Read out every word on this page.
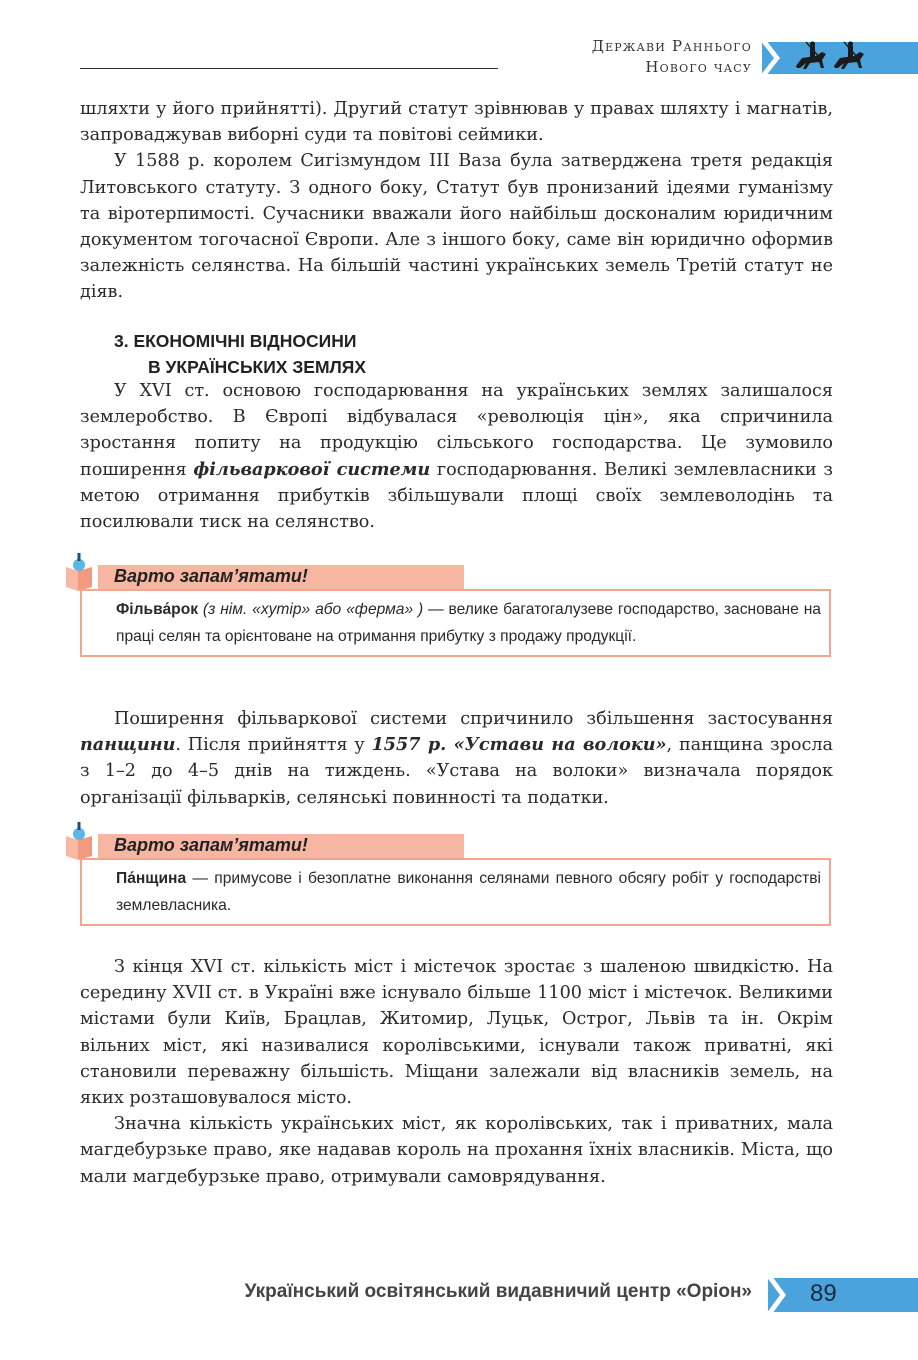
Держави Раннього
Нового часу

шляхти у його прийнятті). Другий статут зрівнював у правах шляхту і магнатів, запроваджував виборні суди та повітові сеймики.

У 1588 р. королем Сигізмундом III Ваза була затверджена третя редакція Литовського статуту. З одного боку, Статут був пронизаний ідеями гуманізму та віротерпимості. Сучасники вважали його найбільш досконалим юридичним документом тогочасної Європи. Але з іншого боку, саме він юридично оформив залежність селянства. На більшій частині українських земель Третій статут не діяв.

3. ЕКОНОМІЧНІ ВІДНОСИНИ
В УКРАЇНСЬКИХ ЗЕМЛЯХ

У XVI ст. основою господарювання на українських землях залишалося землеробство. В Європі відбувалася «революція цін», яка спричинила зростання попиту на продукцію сільського господарства. Це зумовило поширення фільваркової системи господарювання. Великі землевласники з метою отримання прибутків збільшували площі своїх землеволодінь та посилювали тиск на селянство.

Варто запам’ятати!
Фільва́рок (з нім. «хутір» або «ферма» ) — велике багатогалузеве господарство, засноване на праці селян та орієнтоване на отримання прибутку з продажу продукції.

Поширення фільваркової системи спричинило збільшення застосування панщини. Після прийняття у 1557 р. «Устави на волоки», панщина зросла з 1–2 до 4–5 днів на тиждень. «Устава на волоки» визначала порядок організації фільварків, селянські повинності та податки.

Варто запам’ятати!
Па́нщина — примусове і безоплатне виконання селянами певного обсягу робіт у господарстві землевласника.

З кінця XVI ст. кількість міст і містечок зростає з шаленою швидкістю. На середину XVII ст. в Україні вже існувало більше 1100 міст і містечок. Великими містами були Київ, Брацлав, Житомир, Луцьк, Острог, Львів та ін. Окрім вільних міст, які називалися королівськими, існували також приватні, які становили переважну більшість. Міщани залежали від власників земель, на яких розташовувалося місто.

Значна кількість українських міст, як королівських, так і приватних, мала магдебурзьке право, яке надавав король на прохання їхніх власників. Міста, що мали магдебурзьке право, отримували самоврядування.

Український освітянський видавничий центр «Оріон» 89
